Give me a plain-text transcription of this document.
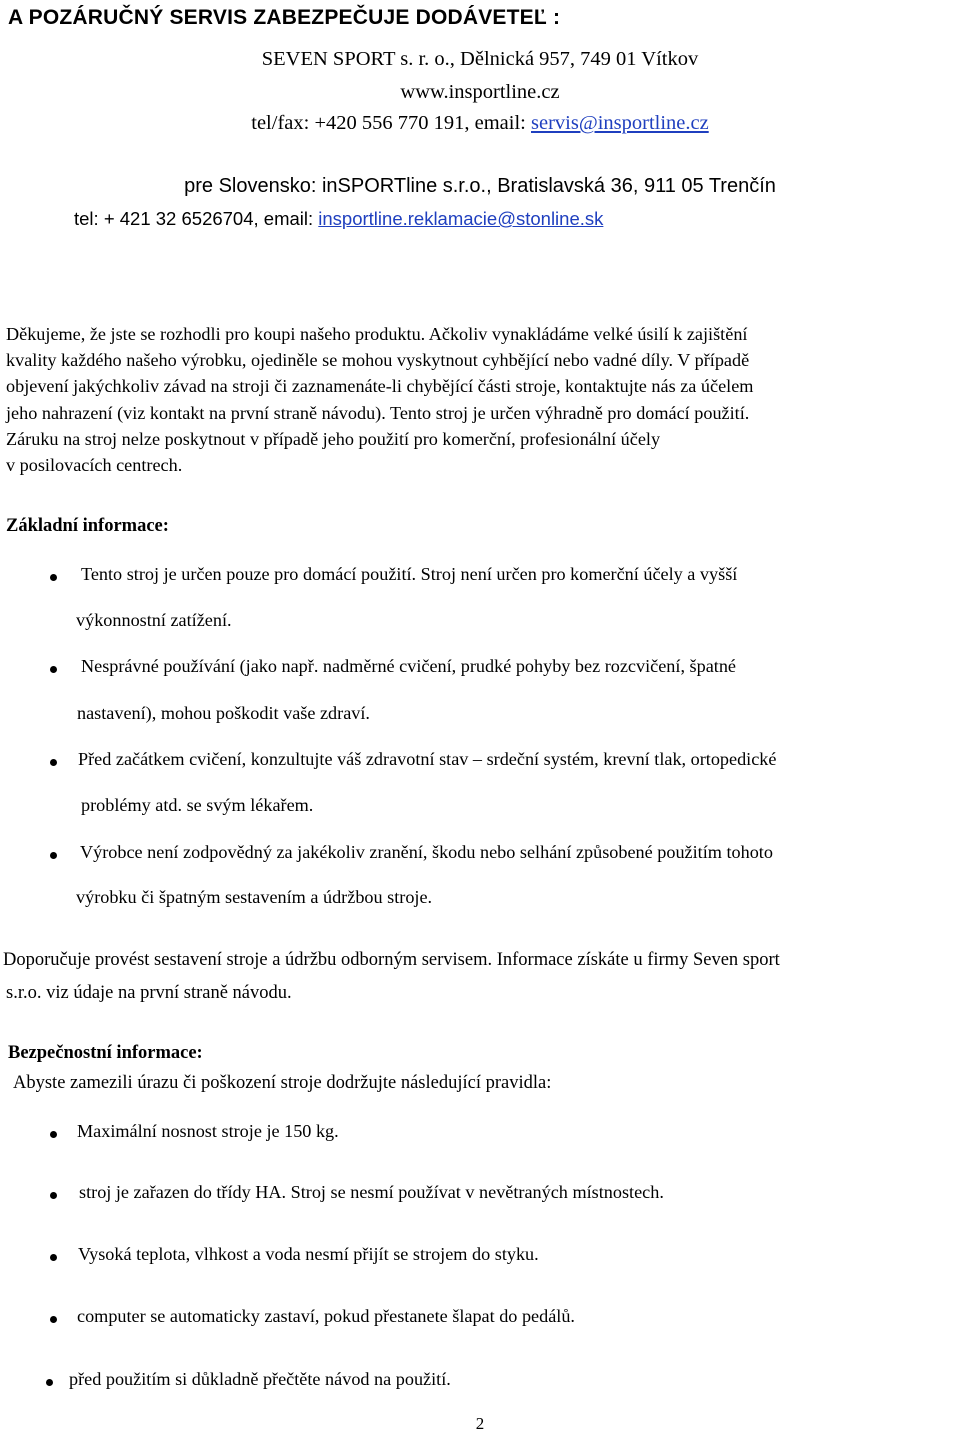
A POZÁRUČNÝ SERVIS ZABEZPEČUJE DODÁVETEĽ :
SEVEN SPORT s. r. o., Dělnická 957, 749 01 Vítkov
www.insportline.cz
tel/fax: +420 556 770 191, email: servis@insportline.cz
pre Slovensko: inSPORTline s.r.o., Bratislavská 36, 911 05 Trenčín
tel: + 421 32 6526704, email: insportline.reklamacie@stonline.sk
Děkujeme, že jste se rozhodli pro koupi našeho produktu. Ačkoliv vynakládáme velké úsilí k zajištění
kvality každého našeho výrobku, ojediněle se mohou vyskytnout cyhbějící nebo vadné díly. V případě
objevení jakýchkoliv závad na stroji či zaznamenáte-li chybějící části stroje, kontaktujte nás za účelem
jeho nahrazení (viz kontakt na první straně návodu). Tento stroj je určen výhradně pro domácí použití.
Záruku na stroj nelze poskytnout v případě jeho použití pro komerční, profesionální účely
v posilovacích centrech.
Základní informace:
Tento stroj je určen pouze pro domácí použití. Stroj není určen pro komerční účely a vyšší
výkonnostní zatížení.
Nesprávné používání (jako např. nadměrné cvičení, prudké pohyby bez rozcvičení, špatné
nastavení), mohou poškodit vaše zdraví.
Před začátkem cvičení, konzultujte váš zdravotní stav – srdeční systém, krevní tlak, ortopedické
problémy atd. se svým lékařem.
Výrobce není zodpovědný za jakékoliv zranění, škodu nebo selhání způsobené použitím tohoto
výrobku či špatným sestavením a údržbou stroje.
Doporučuje provést sestavení stroje a údržbu odborným servisem. Informace získáte u firmy Seven sport
s.r.o. viz údaje na první straně návodu.
Bezpečnostní informace:
Abyste zamezili úrazu či poškození stroje dodržujte následující pravidla:
Maximální nosnost stroje je 150 kg.
stroj je zařazen do třídy HA. Stroj se nesmí používat v nevětraných místnostech.
Vysoká teplota, vlhkost a voda nesmí přijít se strojem do styku.
computer se automaticky zastaví, pokud přestanete šlapat do pedálů.
před použitím si důkladně přečtěte návod na použití.
2
